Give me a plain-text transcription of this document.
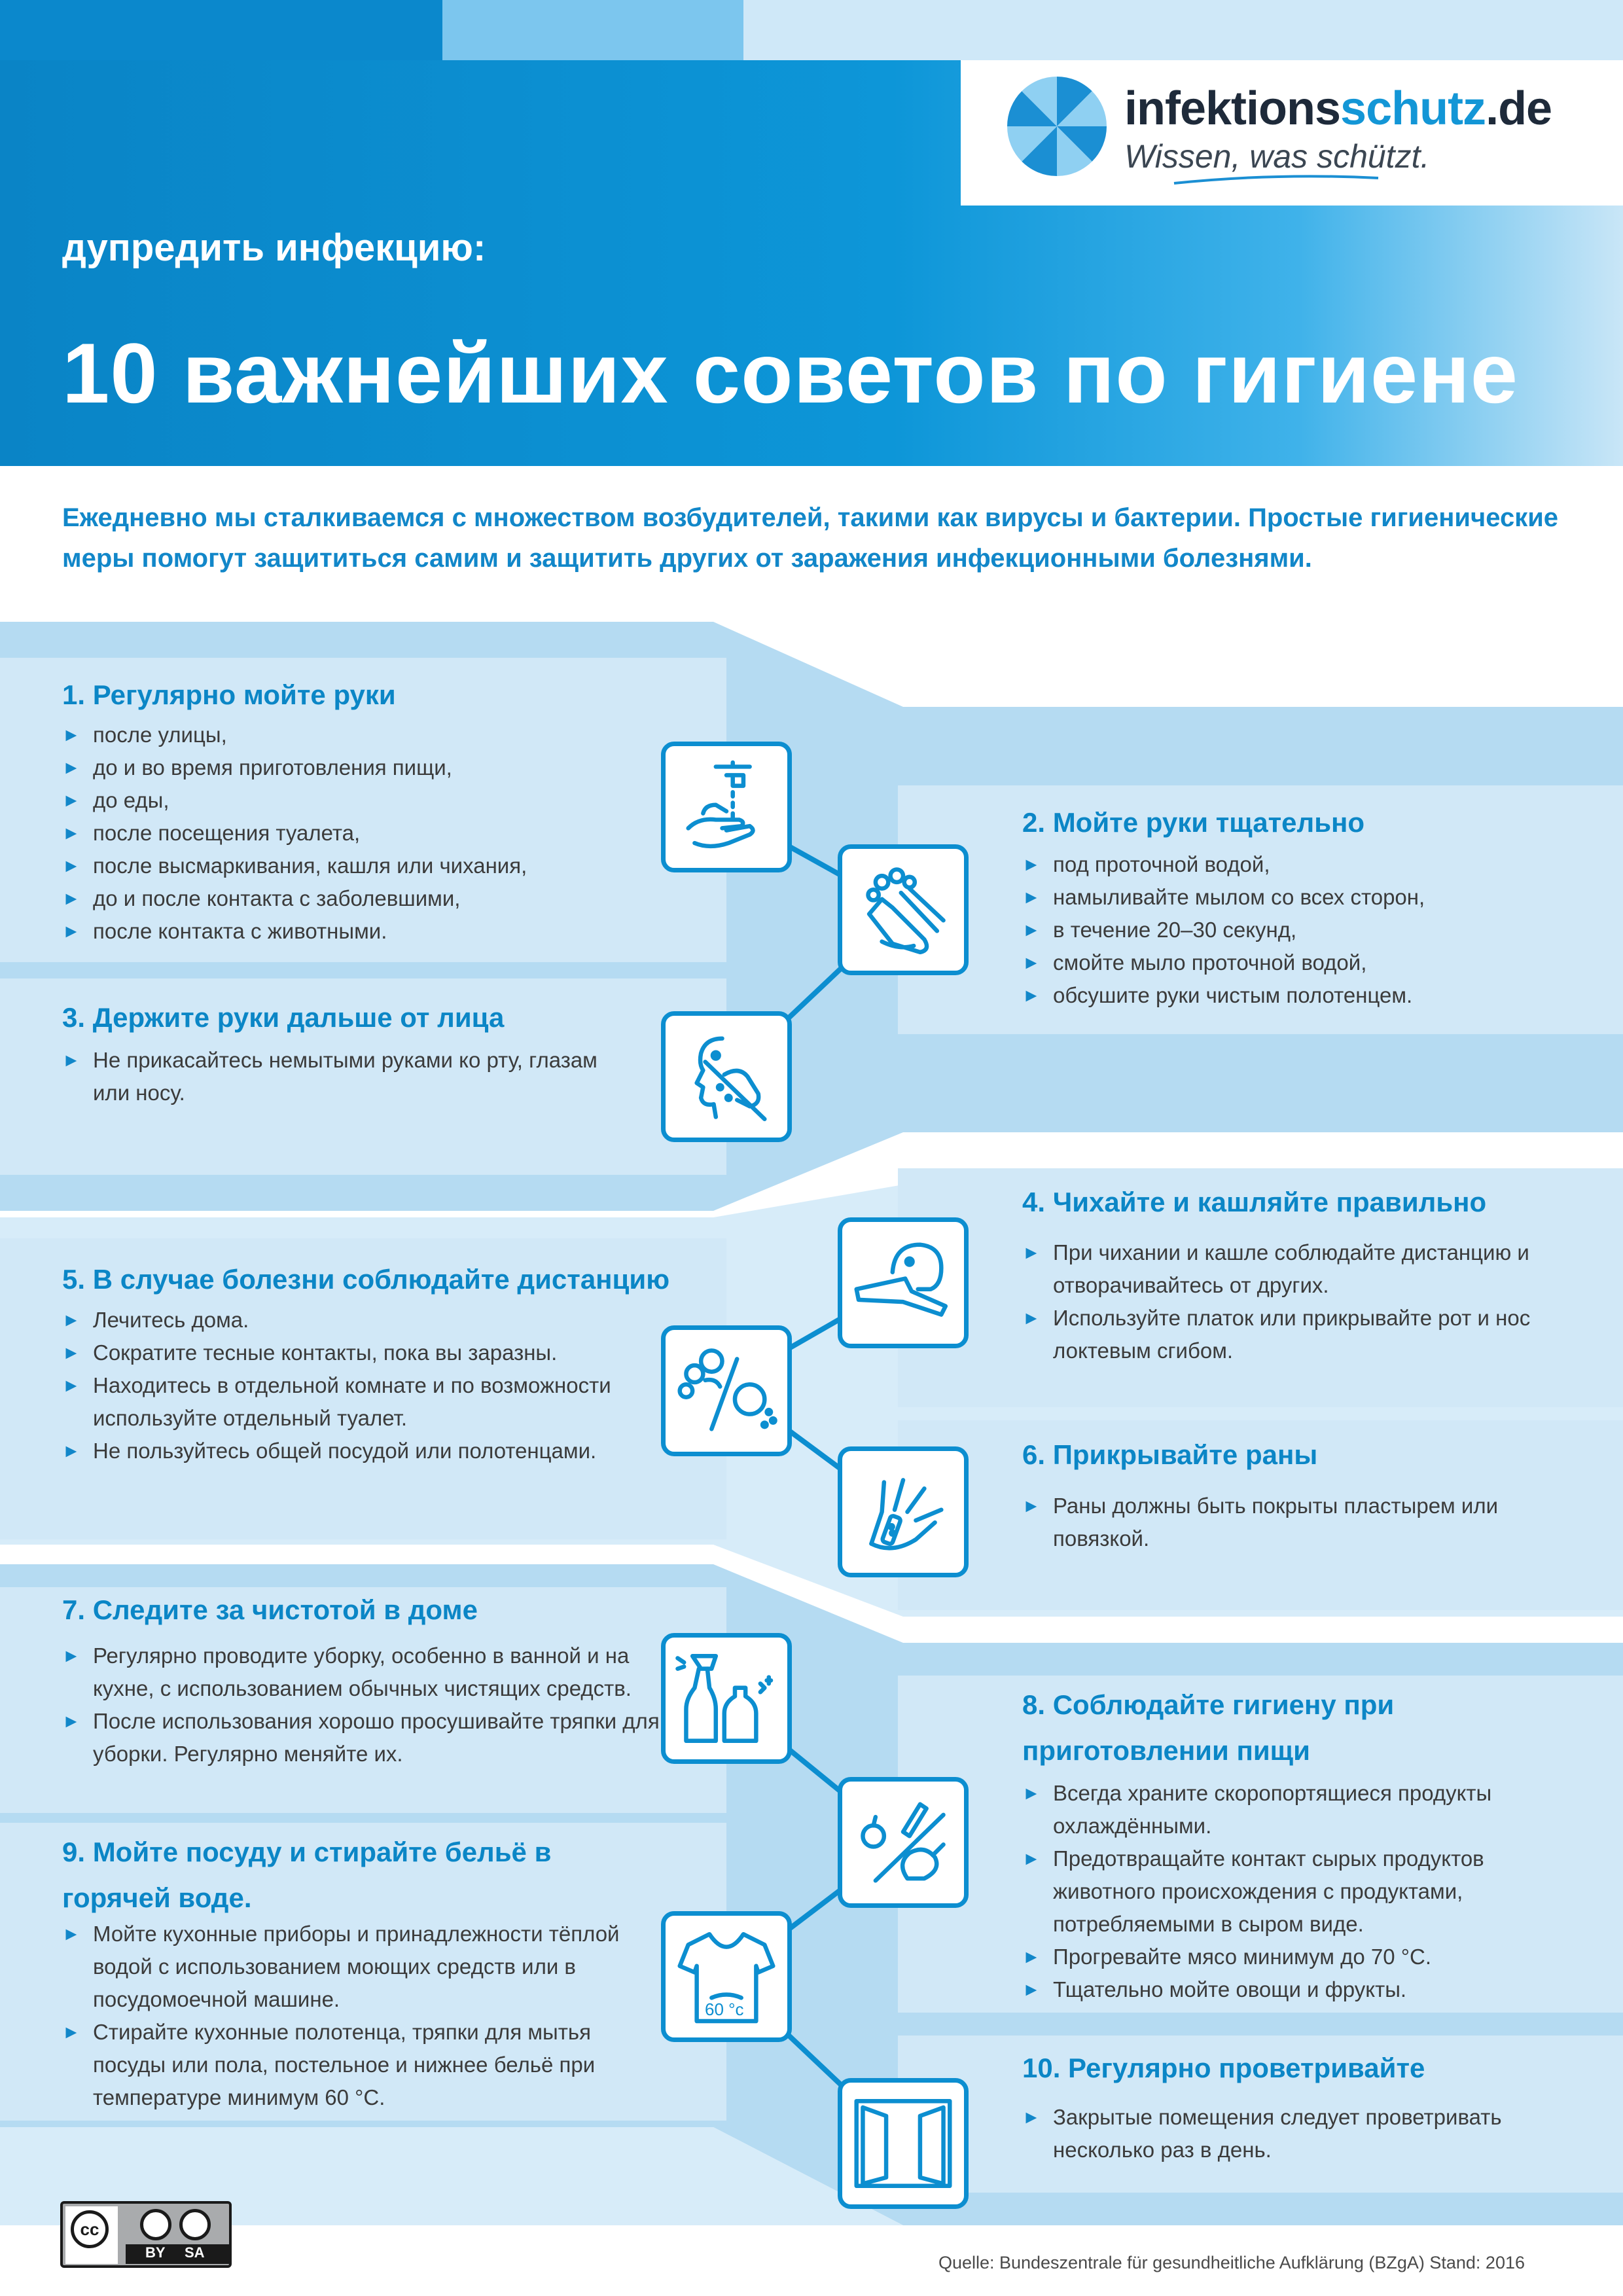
infektionsschutz.de
Wissen, was schützt.
дупредить инфекцию:
10 важнейших советов по гигиене
Ежедневно мы сталкиваемся с множеством возбудителей, такими как вирусы и бактерии. Простые гигиенические меры помогут защититься самим и защитить других от заражения инфекционными болезнями.
1. Регулярно мойте руки
► после улицы,
► до и во время приготовления пищи,
► до еды,
► после посещения туалета,
► после высмаркивания, кашля или чихания,
► до и после контакта с заболевшими,
► после контакта с животными.
2. Мойте руки тщательно
► под проточной водой,
► намыливайте мылом со всех сторон,
► в течение 20–30 секунд,
► смойте мыло проточной водой,
► обсушите руки чистым полотенцем.
3. Держите руки дальше от лица
► Не прикасайтесь немытыми руками ко рту, глазам или носу.
4. Чихайте и кашляйте правильно
► При чихании и кашле соблюдайте дистанцию и отворачивайтесь от других.
► Используйте платок или прикрывайте рот и нос локтевым сгибом.
5. В случае болезни соблюдайте дистанцию
► Лечитесь дома.
► Сократите тесные контакты, пока вы заразны.
► Находитесь в отдельной комнате и по возможности используйте отдельный туалет.
► Не пользуйтесь общей посудой или полотенцами.	6. Прикрывайте раны
► Раны должны быть покрыты пластырем или повязкой.
7. Следите за чистотой в доме
► Регулярно проводите уборку, особенно в ванной и на кухне, с использованием обычных чистящих средств.
► После использования хорошо просушивайте тряпки для уборки. Регулярно меняйте их.
8. Соблюдайте гигиену при приготовлении пищи
► Всегда храните скоропортящиеся продукты охлаждёнными.
► Предотвращайте контакт сырых продуктов животного происхождения с продуктами, потребляемыми в сыром виде.
► Прогревайте мясо минимум до 70 °С.
► Тщательно мойте овощи и фрукты.
9. Мойте посуду и стирайте бельё в горячей воде.
► Мойте кухонные приборы и принадлежности тёплой водой с использованием моющих средств или в посудомоечной машине.
► Стирайте кухонные полотенца, тряпки для мытья посуды или пола, постельное и нижнее бельё при температуре минимум 60 °С.
10. Регулярно проветривайте
► Закрытые помещения следует проветривать несколько раз в день.
60 °c
cc
BY SA
Quelle: Bundeszentrale für gesundheitliche Aufklärung (BZgA) Stand: 2016
